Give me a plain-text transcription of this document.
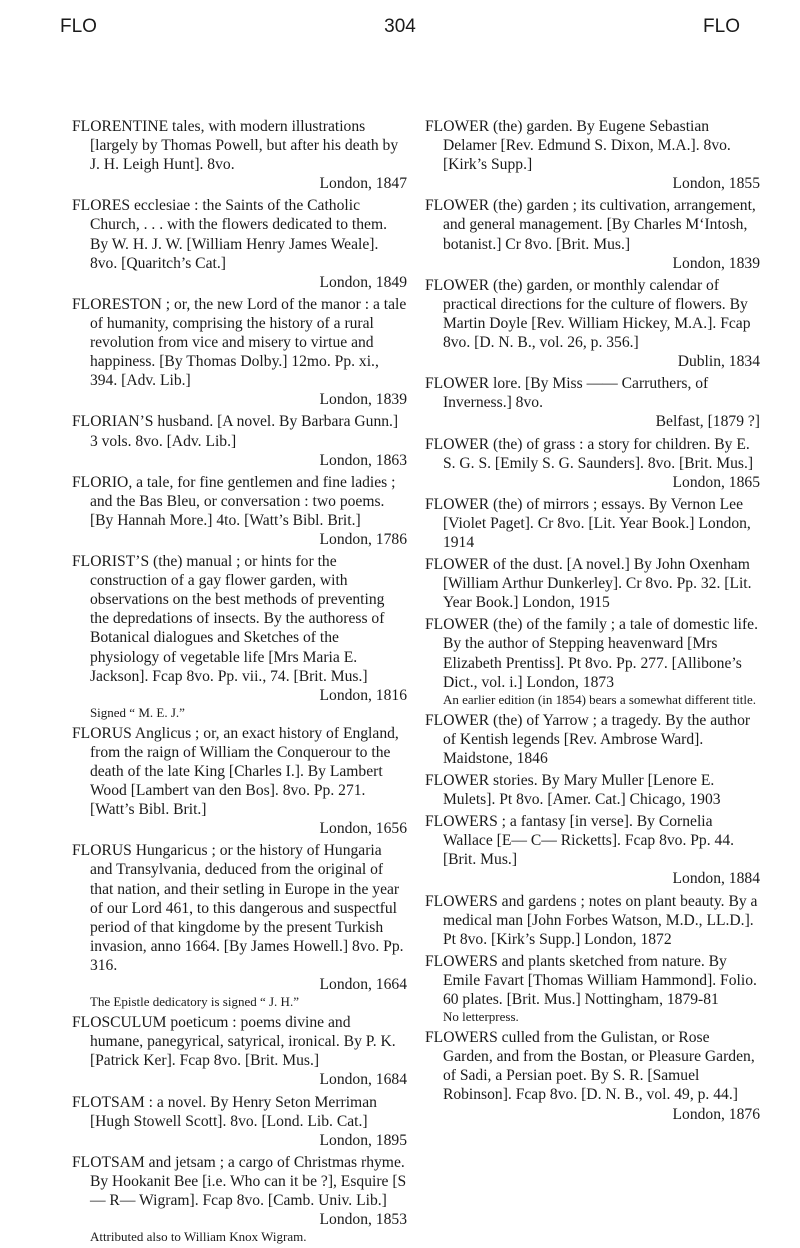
FLO	304	FLO
FLORENTINE tales, with modern illustrations [largely by Thomas Powell, but after his death by J. H. Leigh Hunt]. 8vo.
London, 1847
FLORES ecclesiae : the Saints of the Catholic Church, . . . with the flowers dedicated to them. By W. H. J. W. [William Henry James Weale]. 8vo. [Quaritch’s Cat.]
London, 1849
FLORESTON ; or, the new Lord of the manor : a tale of humanity, comprising the history of a rural revolution from vice and misery to virtue and happiness. [By Thomas Dolby.] 12mo. Pp. xi., 394. [Adv. Lib.]
London, 1839
FLORIAN’S husband. [A novel. By Barbara Gunn.] 3 vols. 8vo. [Adv. Lib.]
London, 1863
FLORIO, a tale, for fine gentlemen and fine ladies ; and the Bas Bleu, or conversation : two poems. [By Hannah More.] 4to. [Watt’s Bibl. Brit.]
London, 1786
FLORIST’S (the) manual ; or hints for the construction of a gay flower garden, with observations on the best methods of preventing the depredations of insects. By the authoress of Botanical dialogues and Sketches of the physiology of vegetable life [Mrs Maria E. Jackson]. Fcap 8vo. Pp. vii., 74. [Brit. Mus.]
London, 1816
Signed “ M. E. J.”
FLORUS Anglicus ; or, an exact history of England, from the raign of William the Conquerour to the death of the late King [Charles I.]. By Lambert Wood [Lambert van den Bos]. 8vo. Pp. 271. [Watt’s Bibl. Brit.]
London, 1656
FLORUS Hungaricus ; or the history of Hungaria and Transylvania, deduced from the original of that nation, and their setling in Europe in the year of our Lord 461, to this dangerous and suspectful period of that kingdome by the present Turkish invasion, anno 1664. [By James Howell.] 8vo. Pp. 316.
London, 1664
The Epistle dedicatory is signed “ J. H.”
FLOSCULUM poeticum : poems divine and humane, panegyrical, satyrical, ironical. By P. K. [Patrick Ker]. Fcap 8vo. [Brit. Mus.]
London, 1684
FLOTSAM : a novel. By Henry Seton Merriman [Hugh Stowell Scott]. 8vo. [Lond. Lib. Cat.]
London, 1895
FLOTSAM and jetsam ; a cargo of Christmas rhyme. By Hookanit Bee [i.e. Who can it be ?], Esquire [S— R— Wigram]. Fcap 8vo. [Camb. Univ. Lib.]
London, 1853
Attributed also to William Knox Wigram.
FLOWER (the) garden. By Eugene Sebastian Delamer [Rev. Edmund S. Dixon, M.A.]. 8vo. [Kirk’s Supp.]
London, 1855
FLOWER (the) garden ; its cultivation, arrangement, and general management. [By Charles M‘Intosh, botanist.] Cr 8vo. [Brit. Mus.]
London, 1839
FLOWER (the) garden, or monthly calendar of practical directions for the culture of flowers. By Martin Doyle [Rev. William Hickey, M.A.]. Fcap 8vo. [D. N. B., vol. 26, p. 356.]
Dublin, 1834
FLOWER lore. [By Miss —— Carruthers, of Inverness.] 8vo.
Belfast, [1879 ?]
FLOWER (the) of grass : a story for children. By E. S. G. S. [Emily S. G. Saunders]. 8vo. [Brit. Mus.]
London, 1865
FLOWER (the) of mirrors ; essays. By Vernon Lee [Violet Paget]. Cr 8vo. [Lit. Year Book.] London, 1914
FLOWER of the dust. [A novel.] By John Oxenham [William Arthur Dunkerley]. Cr 8vo. Pp. 32. [Lit. Year Book.] London, 1915
FLOWER (the) of the family ; a tale of domestic life. By the author of Stepping heavenward [Mrs Elizabeth Prentiss]. Pt 8vo. Pp. 277. [Allibone’s Dict., vol. i.] London, 1873
An earlier edition (in 1854) bears a somewhat different title.
FLOWER (the) of Yarrow ; a tragedy. By the author of Kentish legends [Rev. Ambrose Ward]. Maidstone, 1846
FLOWER stories. By Mary Muller [Lenore E. Mulets]. Pt 8vo. [Amer. Cat.] Chicago, 1903
FLOWERS ; a fantasy [in verse]. By Cornelia Wallace [E— C— Ricketts]. Fcap 8vo. Pp. 44. [Brit. Mus.]
London, 1884
FLOWERS and gardens ; notes on plant beauty. By a medical man [John Forbes Watson, M.D., LL.D.]. Pt 8vo. [Kirk’s Supp.] London, 1872
FLOWERS and plants sketched from nature. By Emile Favart [Thomas William Hammond]. Folio. 60 plates. [Brit. Mus.] Nottingham, 1879-81
No letterpress.
FLOWERS culled from the Gulistan, or Rose Garden, and from the Bostan, or Pleasure Garden, of Sadi, a Persian poet. By S. R. [Samuel Robinson]. Fcap 8vo. [D. N. B., vol. 49, p. 44.]
London, 1876
